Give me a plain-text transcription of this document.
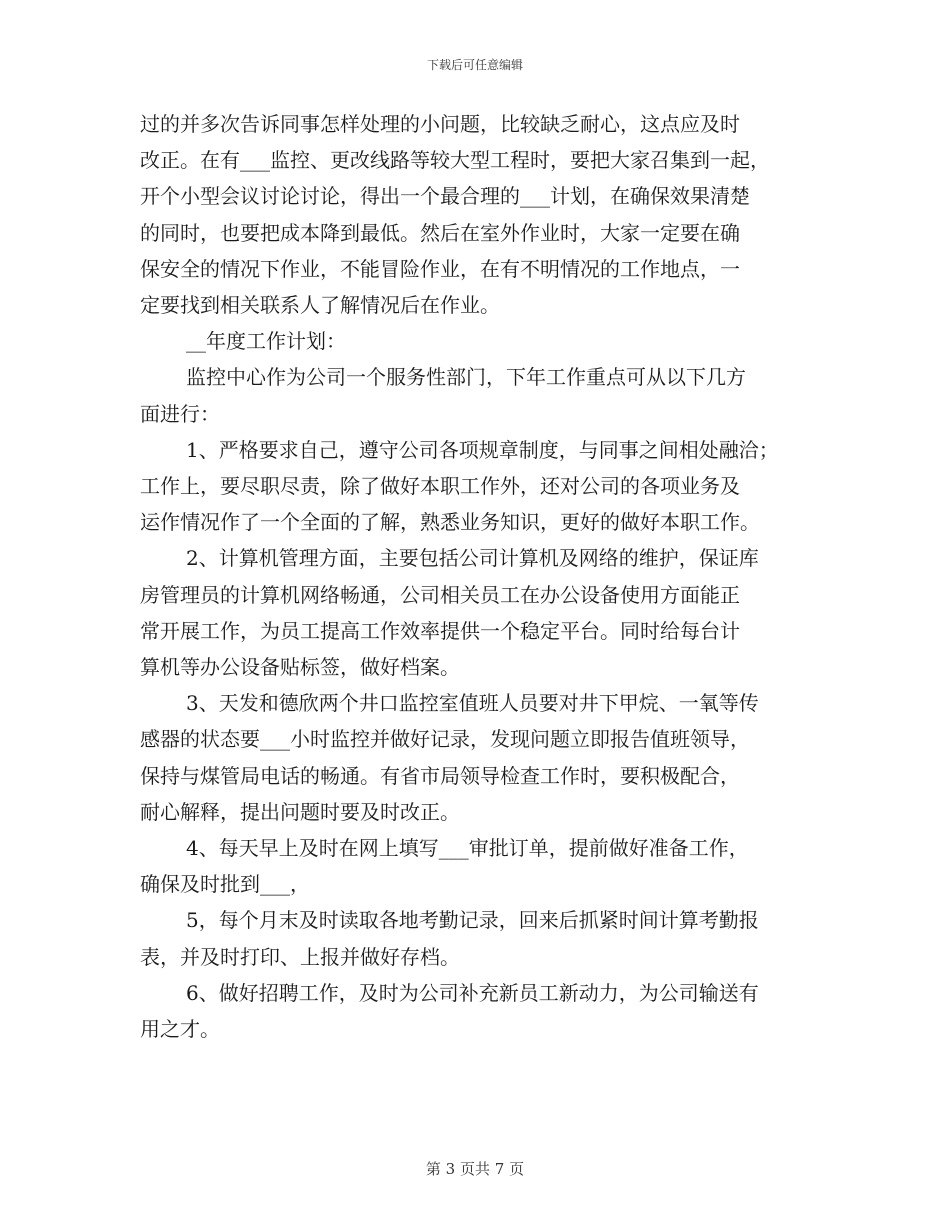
下载后可任意编辑
过的并多次告诉同事怎样处理的小问题，比较缺乏耐心，这点应及时
改正。在有___监控、更改线路等较大型工程时，要把大家召集到一起，
开个小型会议讨论讨论，得出一个最合理的___计划，在确保效果清楚
的同时，也要把成本降到最低。然后在室外作业时，大家一定要在确
保安全的情况下作业，不能冒险作业，在有不明情况的工作地点，一
定要找到相关联系人了解情况后在作业。
__年度工作计划：
监控中心作为公司一个服务性部门，下年工作重点可从以下几方
面进行：
1、严格要求自己，遵守公司各项规章制度，与同事之间相处融洽；
工作上，要尽职尽责，除了做好本职工作外，还对公司的各项业务及
运作情况作了一个全面的了解，熟悉业务知识，更好的做好本职工作。
2、计算机管理方面，主要包括公司计算机及网络的维护，保证库
房管理员的计算机网络畅通，公司相关员工在办公设备使用方面能正
常开展工作，为员工提高工作效率提供一个稳定平台。同时给每台计
算机等办公设备贴标签，做好档案。
3、天发和德欣两个井口监控室值班人员要对井下甲烷、一氧等传
感器的状态要___小时监控并做好记录，发现问题立即报告值班领导，
保持与煤管局电话的畅通。有省市局领导检查工作时，要积极配合，
耐心解释，提出问题时要及时改正。
4、每天早上及时在网上填写___审批订单，提前做好准备工作，
确保及时批到___，
5，每个月末及时读取各地考勤记录，回来后抓紧时间计算考勤报
表，并及时打印、上报并做好存档。
6、做好招聘工作，及时为公司补充新员工新动力，为公司输送有
用之才。
第 3 页共 7 页
